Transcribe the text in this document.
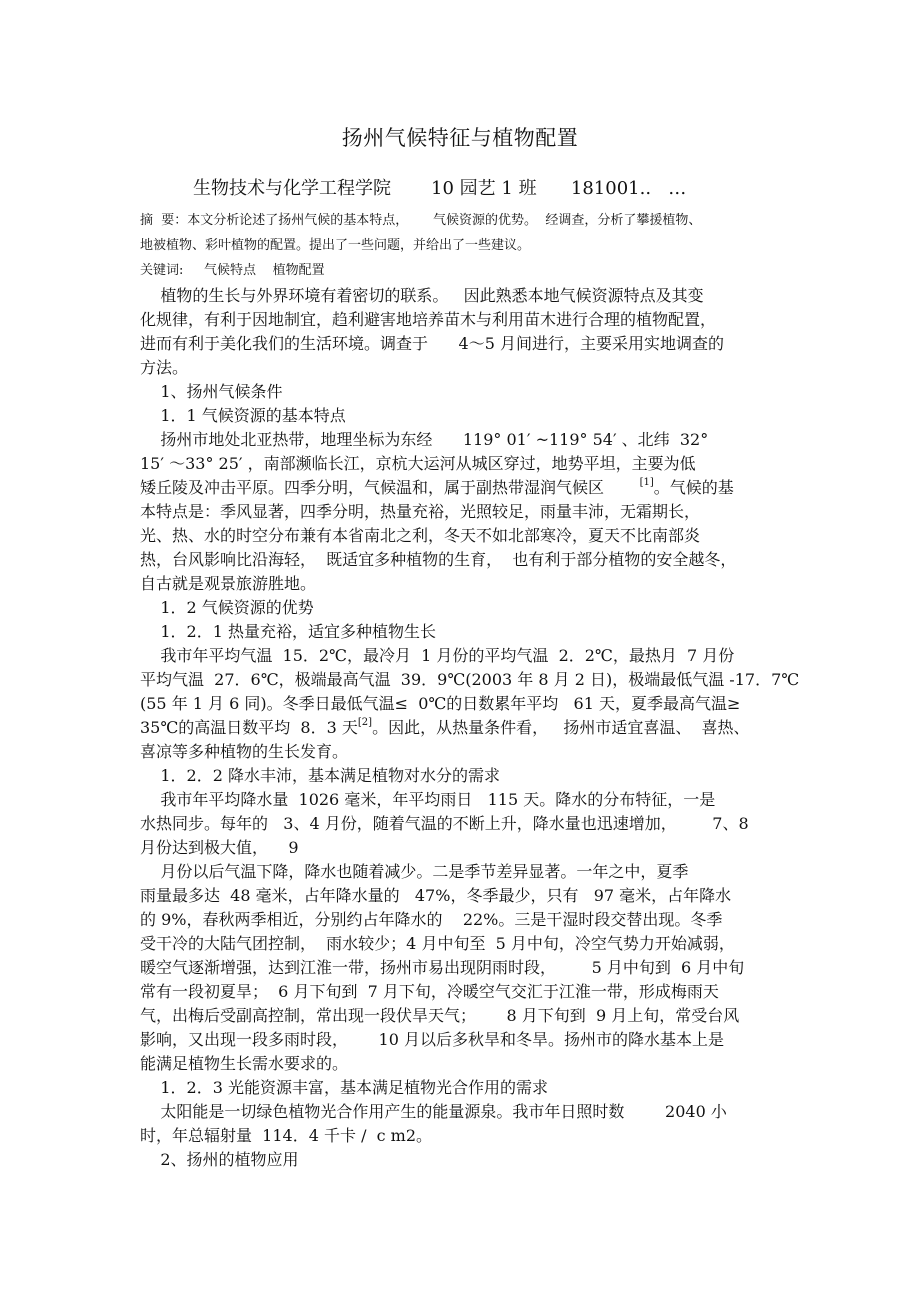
扬州气候特征与植物配置
生物技术与化学工程学院       10 园艺 1 班      181001..   …
摘  要：本文分析论述了扬州气候的基本特点，      气候资源的优势。  经调查，分析了攀援植物、
地被植物、彩叶植物的配置。提出了一些问题，并给出了一些建议。
关键词:     气候特点    植物配置
植物的生长与外界环境有着密切的联系。   因此熟悉本地气候资源特点及其变
化规律，有利于因地制宜，趋利避害地培养苗木与利用苗木进行合理的植物配置，
进而有利于美化我们的生活环境。调查于      4～5 月间进行，主要采用实地调查的
方法。
1、扬州气候条件
1．1 气候资源的基本特点
扬州市地处北亚热带，地理坐标为东经      119° 01′ ~119° 54′ 、北纬  32°
15′ ～33° 25′ ，南部濒临长江，京杭大运河从城区穿过，地势平坦，主要为低
矮丘陵及冲击平原。四季分明，气候温和，属于副热带湿润气候区       [1]。气候的基
本特点是：季风显著，四季分明，热量充裕，光照较足，雨量丰沛，无霜期长，
光、热、水的时空分布兼有本省南北之利，冬天不如北部寒冷，夏天不比南部炎
热，台风影响比沿海轻，  既适宜多种植物的生育，  也有利于部分植物的安全越冬，
自古就是观景旅游胜地。
1．2 气候资源的优势
1．2．1 热量充裕，适宜多种植物生长
我市年平均气温  15．2℃，最冷月  1 月份的平均气温  2．2℃，最热月  7 月份
平均气温  27．6℃，极端最高气温  39．9℃(2003 年 8 月 2 日)，极端最低气温 -17．7℃
(55 年 1 月 6 同)。冬季日最低气温≤  0℃的日数累年平均   61 天，夏季最高气温≥
35℃的高温日数平均  8．3 天[2]。因此，从热量条件看，   扬州市适宜喜温、  喜热、
喜凉等多种植物的生长发育。
1．2．2 降水丰沛，基本满足植物对水分的需求
我市年平均降水量  1026 毫米，年平均雨日   115 天。降水的分布特征，一是
水热同步。每年的   3、4 月份，随着气温的不断上升，降水量也迅速增加，       7、8
月份达到极大值，    9
月份以后气温下降，降水也随着减少。二是季节差异显著。一年之中，夏季
雨量最多达  48 毫米，占年降水量的   47%，冬季最少，只有   97 毫米，占年降水
的 9%，春秋两季相近，分别约占年降水的    22%。三是干湿时段交替出现。冬季
受干冷的大陆气团控制，  雨水较少；4 月中旬至  5 月中旬，冷空气势力开始减弱，
暖空气逐渐增强，达到江淮一带，扬州市易出现阴雨时段，       5 月中旬到  6 月中旬
常有一段初夏旱；  6 月下旬到  7 月下旬，冷暖空气交汇于江淮一带，形成梅雨天
气，出梅后受副高控制，常出现一段伏旱天气；      8 月下旬到  9 月上旬，常受台风
影响，又出现一段多雨时段，      10 月以后多秋旱和冬旱。扬州市的降水基本上是
能满足植物生长需水要求的。
1．2．3 光能资源丰富，基本满足植物光合作用的需求
太阳能是一切绿色植物光合作用产生的能量源泉。我市年日照时数        2040 小
时，年总辐射量  114．4 千卡 /  c m2。
2、扬州的植物应用
